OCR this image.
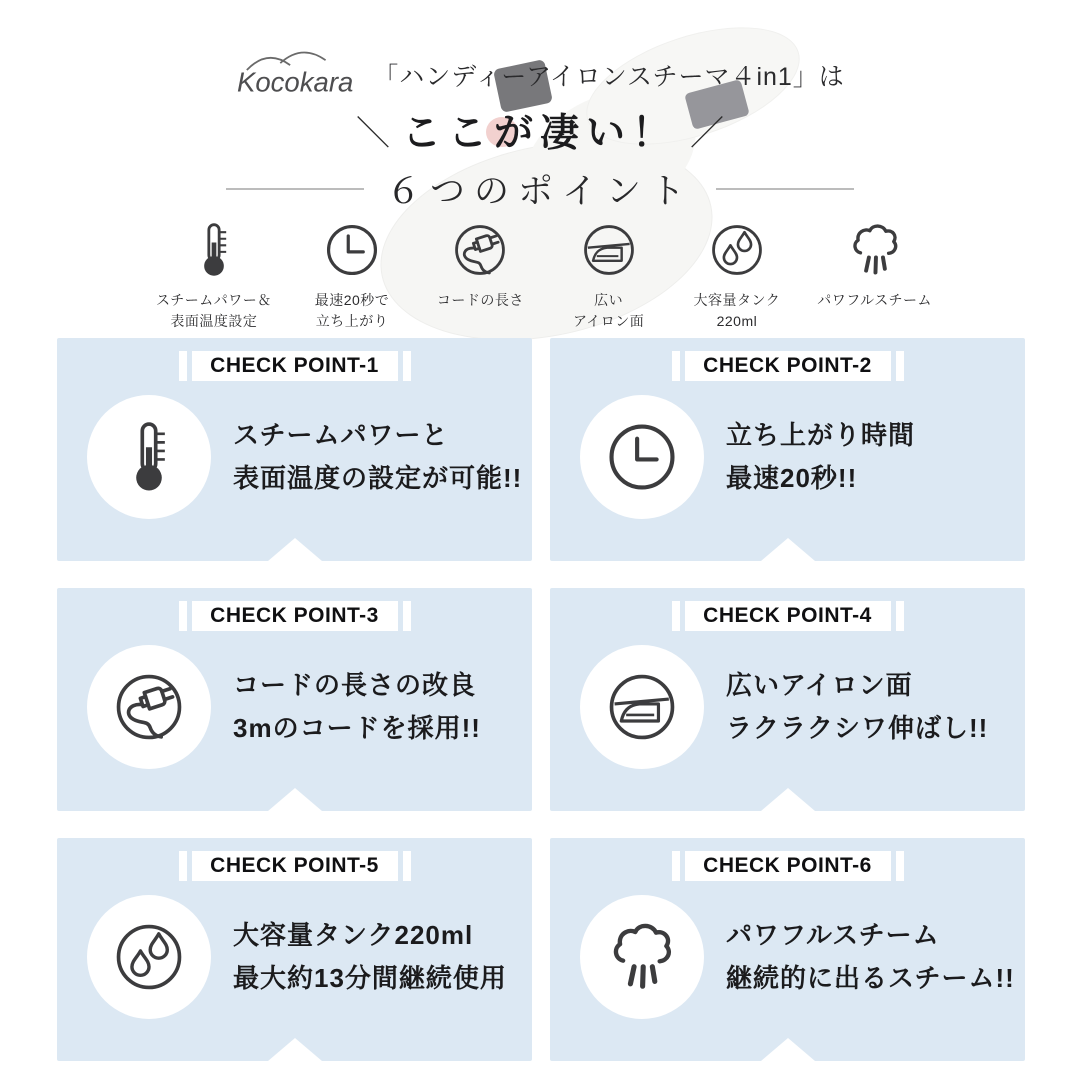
Kocokara 「ハンディーアイロンスチーマ４in1」は
＼ ここが凄い！ ／
６つのポイント
スチームパワー＆
表面温度設定
最速20秒で
立ち上がり
コードの長さ	広い
アイロン面
大容量タンク
220ml
パワフルスチーム
CHECK POINT-1
スチームパワーと
表面温度の設定が可能!!
CHECK POINT-2
立ち上がり時間
最速20秒!!
CHECK POINT-3
コードの長さの改良
3mのコードを採用!!
CHECK POINT-4
広いアイロン面
ラクラクシワ伸ばし!!
CHECK POINT-5
大容量タンク220ml
最大約13分間継続使用
CHECK POINT-6
パワフルスチーム
継続的に出るスチーム!!
